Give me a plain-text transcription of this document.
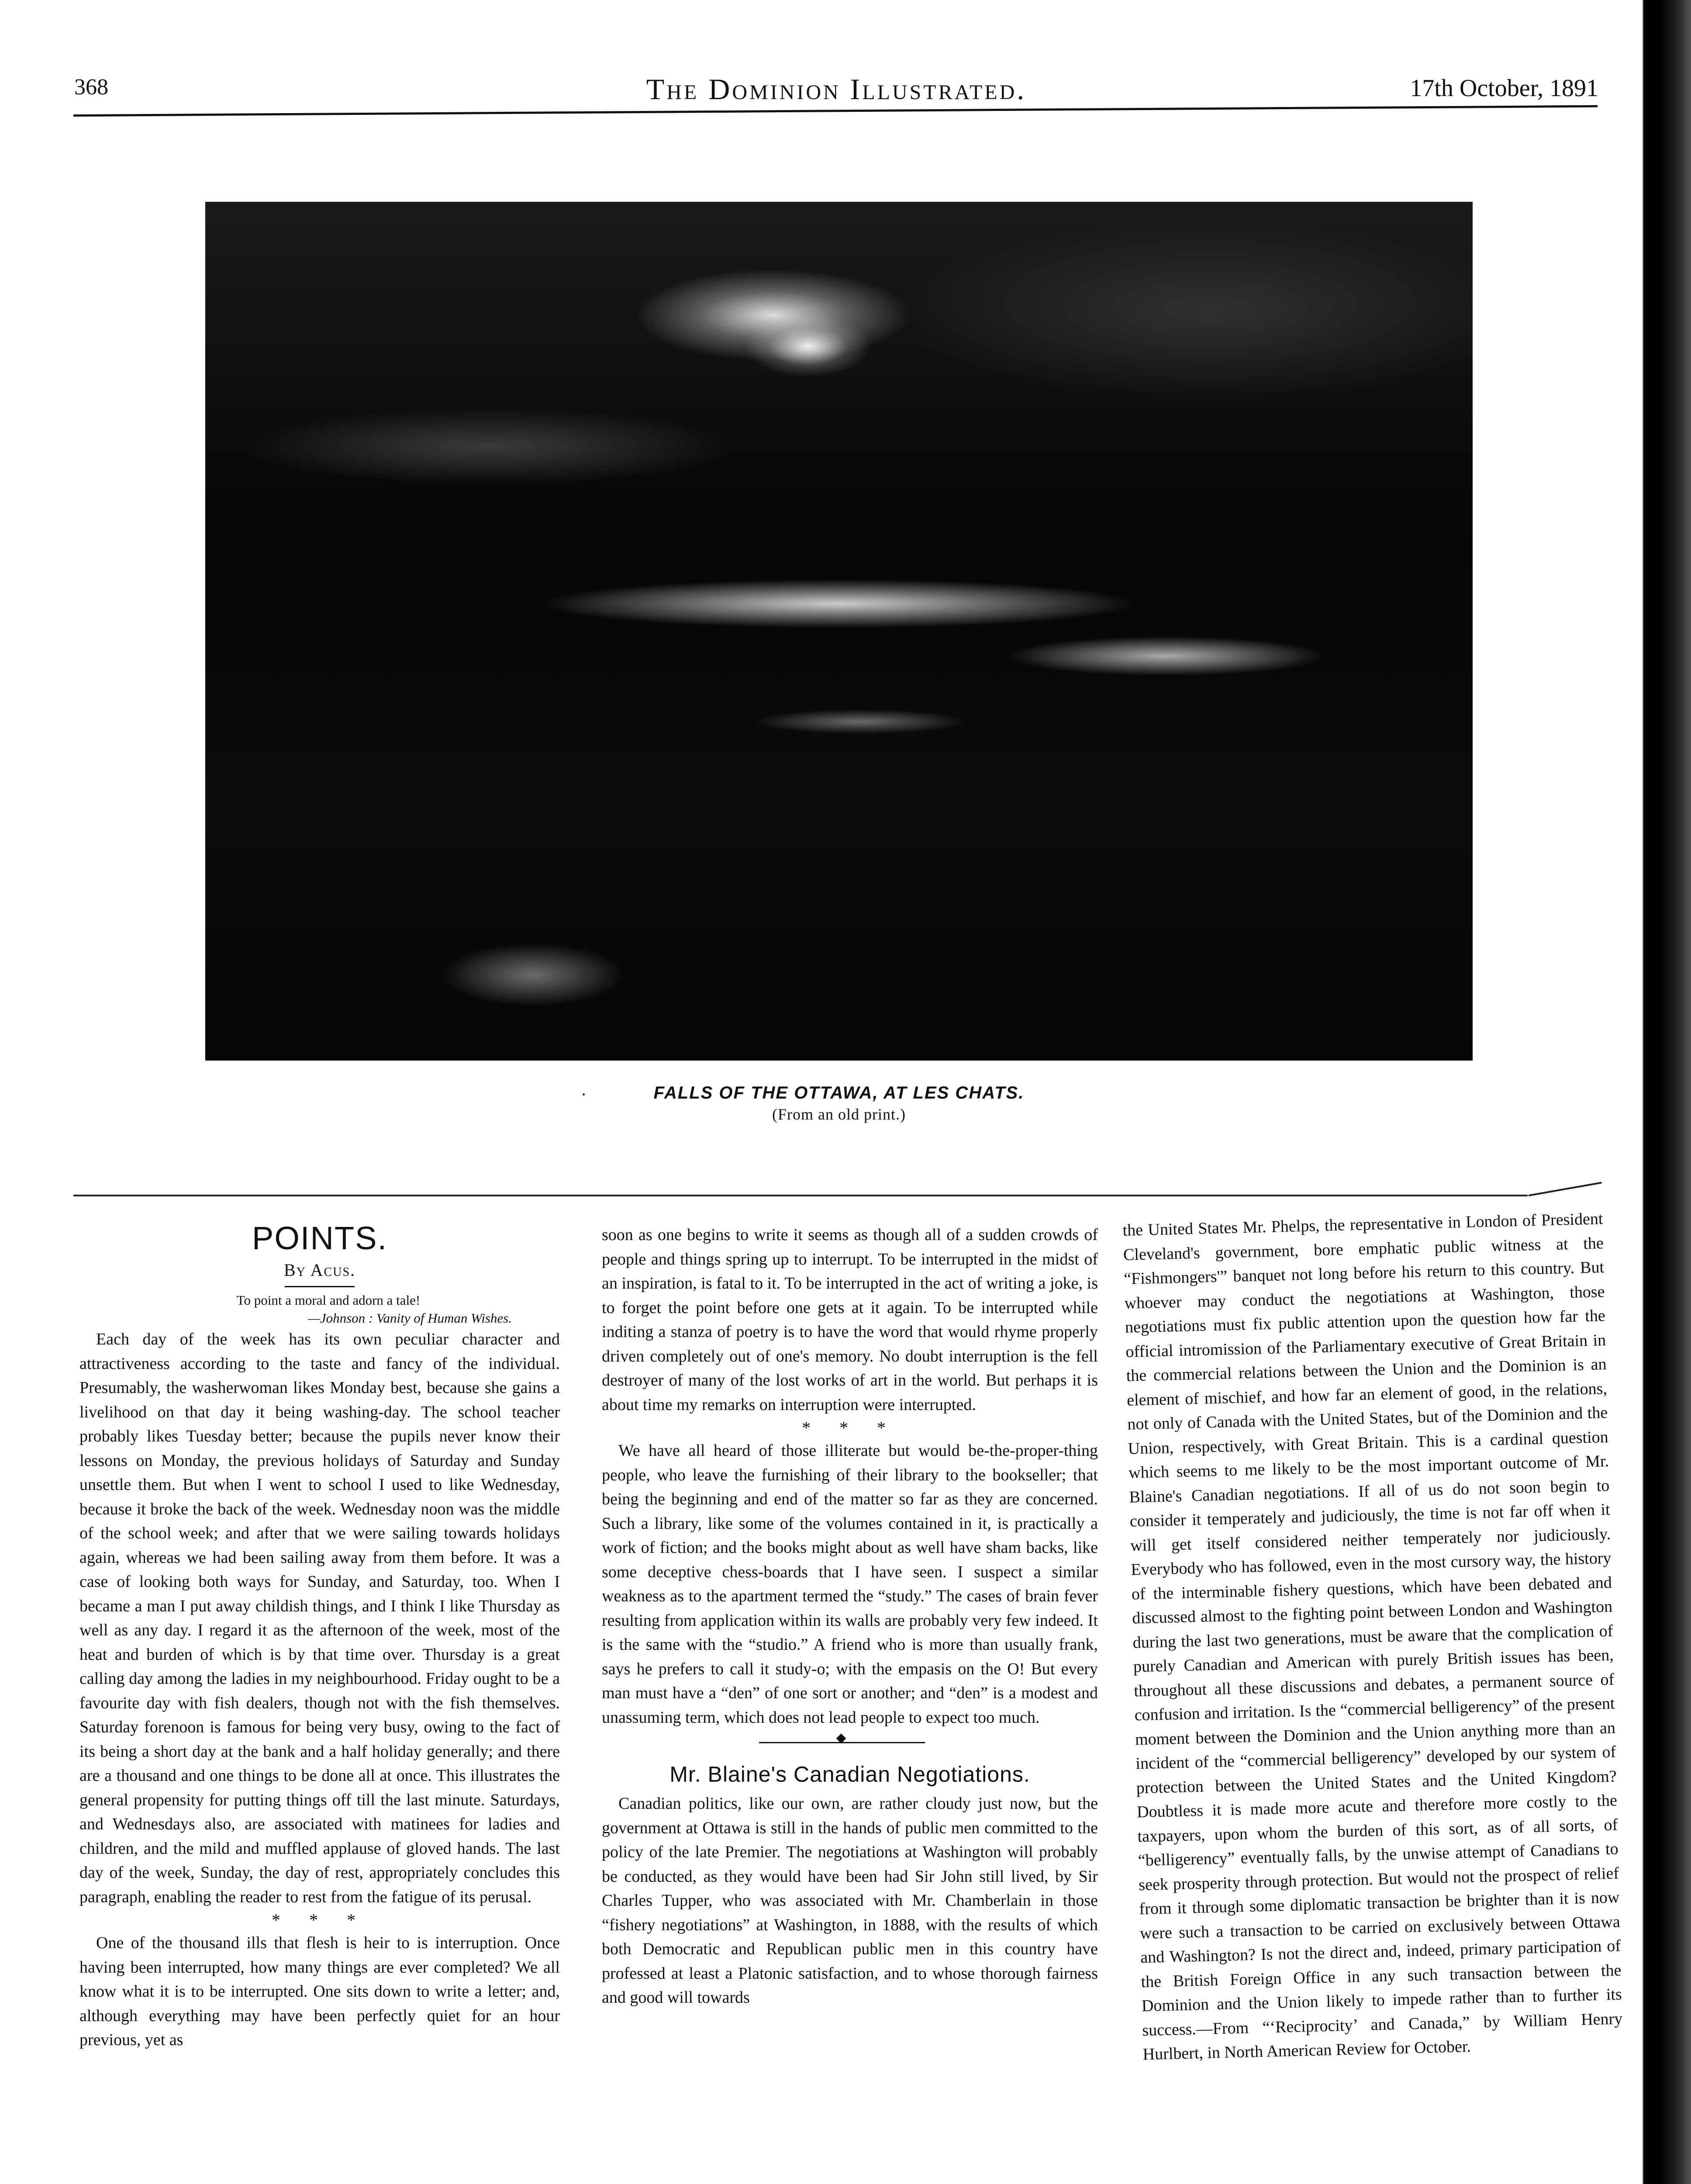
368	The Dominion Illustrated.	17th October, 1891
·	FALLS OF THE OTTAWA, AT LES CHATS.
(From an old print.)
POINTS.
By Acus.
To point a moral and adorn a tale!
—Johnson : Vanity of Human Wishes.

Each day of the week has its own peculiar character and attractiveness according to the taste and fancy of the individual. Presumably, the washerwoman likes Monday best, because she gains a livelihood on that day it being washing-day. The school teacher probably likes Tuesday better; because the pupils never know their lessons on Monday, the previous holidays of Saturday and Sunday unsettle them. But when I went to school I used to like Wednesday, because it broke the back of the week. Wednesday noon was the middle of the school week; and after that we were sailing towards holidays again, whereas we had been sailing away from them before. It was a case of looking both ways for Sunday, and Saturday, too. When I became a man I put away childish things, and I think I like Thursday as well as any day. I regard it as the afternoon of the week, most of the heat and burden of which is by that time over. Thursday is a great calling day among the ladies in my neighbourhood. Friday ought to be a favourite day with fish dealers, though not with the fish themselves. Saturday forenoon is famous for being very busy, owing to the fact of its being a short day at the bank and a half holiday generally; and there are a thousand and one things to be done all at once. This illustrates the general propensity for putting things off till the last minute. Saturdays, and Wednesdays also, are associated with matinees for ladies and children, and the mild and muffled applause of gloved hands. The last day of the week, Sunday, the day of rest, appropriately concludes this paragraph, enabling the reader to rest from the fatigue of its perusal.

* * *

One of the thousand ills that flesh is heir to is interruption. Once having been interrupted, how many things are ever completed? We all know what it is to be interrupted. One sits down to write a letter; and, although everything may have been perfectly quiet for an hour previous, yet as

soon as one begins to write it seems as though all of a sudden crowds of people and things spring up to interrupt. To be interrupted in the midst of an inspiration, is fatal to it. To be interrupted in the act of writing a joke, is to forget the point before one gets at it again. To be interrupted while inditing a stanza of poetry is to have the word that would rhyme properly driven completely out of one's memory. No doubt interruption is the fell destroyer of many of the lost works of art in the world. But perhaps it is about time my remarks on interruption were interrupted.

* * *

We have all heard of those illiterate but would be-the-proper-thing people, who leave the furnishing of their library to the bookseller; that being the beginning and end of the matter so far as they are concerned. Such a library, like some of the volumes contained in it, is practically a work of fiction; and the books might about as well have sham backs, like some deceptive chess-boards that I have seen. I suspect a similar weakness as to the apartment termed the “study.” The cases of brain fever resulting from application within its walls are probably very few indeed. It is the same with the “studio.” A friend who is more than usually frank, says he prefers to call it study-o; with the empasis on the O! But every man must have a “den” of one sort or another; and “den” is a modest and unassuming term, which does not lead people to expect too much.

Mr. Blaine's Canadian Negotiations.

Canadian politics, like our own, are rather cloudy just now, but the government at Ottawa is still in the hands of public men committed to the policy of the late Premier. The negotiations at Washington will probably be conducted, as they would have been had Sir John still lived, by Sir Charles Tupper, who was associated with Mr. Chamberlain in those “fishery negotiations” at Washington, in 1888, with the results of which both Democratic and Republican public men in this country have professed at least a Platonic satisfaction, and to whose thorough fairness and good will towards

the United States Mr. Phelps, the representative in London of President Cleveland's government, bore emphatic public witness at the “Fishmongers'” banquet not long before his return to this country. But whoever may conduct the negotiations at Washington, those negotiations must fix public attention upon the question how far the official intromission of the Parliamentary executive of Great Britain in the commercial relations between the Union and the Dominion is an element of mischief, and how far an element of good, in the relations, not only of Canada with the United States, but of the Dominion and the Union, respectively, with Great Britain. This is a cardinal question which seems to me likely to be the most important outcome of Mr. Blaine's Canadian negotiations. If all of us do not soon begin to consider it temperately and judiciously, the time is not far off when it will get itself considered neither temperately nor judiciously. Everybody who has followed, even in the most cursory way, the history of the interminable fishery questions, which have been debated and discussed almost to the fighting point between London and Washington during the last two generations, must be aware that the complication of purely Canadian and American with purely British issues has been, throughout all these discussions and debates, a permanent source of confusion and irritation. Is the “commercial belligerency” of the present moment between the Dominion and the Union anything more than an incident of the “commercial belligerency” developed by our system of protection between the United States and the United Kingdom? Doubtless it is made more acute and therefore more costly to the taxpayers, upon whom the burden of this sort, as of all sorts, of “belligerency” eventually falls, by the unwise attempt of Canadians to seek prosperity through protection. But would not the prospect of relief from it through some diplomatic transaction be brighter than it is now were such a transaction to be carried on exclusively between Ottawa and Washington? Is not the direct and, indeed, primary participation of the British Foreign Office in any such transaction between the Dominion and the Union likely to impede rather than to further its success.—From “‘Reciprocity’ and Canada,” by William Henry Hurlbert, in North American Review for October.
